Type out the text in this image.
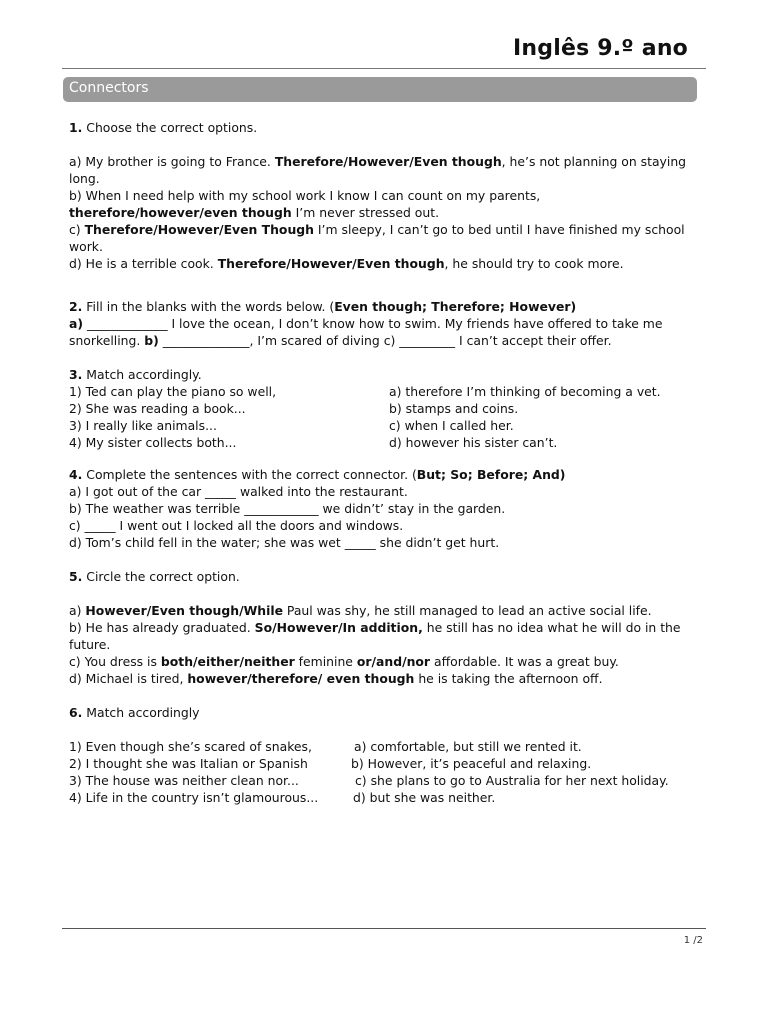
Inglês 9.º ano
Connectors
1. Choose the correct options.
a) My brother is going to France. Therefore/However/Even though, he’s not planning on staying long.
b) When I need help with my school work I know I can count on my parents, therefore/however/even though I’m never stressed out.
c) Therefore/However/Even Though I’m sleepy, I can’t go to bed until I have finished my school work.
d) He is a terrible cook. Therefore/However/Even though, he should try to cook more.
2. Fill in the blanks with the words below. (Even though; Therefore; However)
a) _____________ I love the ocean, I don’t know how to swim. My friends have offered to take me snorkelling. b) ______________, I’m scared of diving c) _________ I can’t accept their offer.
3. Match accordingly.
1) Ted can play the piano so well,	a) therefore I’m thinking of becoming a vet.
2) She was reading a book...	b) stamps and coins.
3) I really like animals...	c) when I called her.
4) My sister collects both...	d) however his sister can’t.
4. Complete the sentences with the correct connector. (But; So; Before; And)
a) I got out of the car _____ walked into the restaurant.
b) The weather was terrible ____________ we didn’t’ stay in the garden.
c) _____ I went out I locked all the doors and windows.
d) Tom’s child fell in the water; she was wet _____ she didn’t get hurt.
5. Circle the correct option.
a) However/Even though/While Paul was shy, he still managed to lead an active social life.
b) He has already graduated. So/However/In addition, he still has no idea what he will do in the future.
c) You dress is both/either/neither feminine or/and/nor affordable. It was a great buy.
d) Michael is tired, however/therefore/ even though he is taking the afternoon off.
6. Match accordingly
1) Even though she’s scared of snakes,	a) comfortable, but still we rented it.
2) I thought she was Italian or Spanish	b) However, it’s peaceful and relaxing.
3) The house was neither clean nor...	c) she plans to go to Australia for her next holiday.
4) Life in the country isn’t glamourous...	d) but she was neither.
1 /2
